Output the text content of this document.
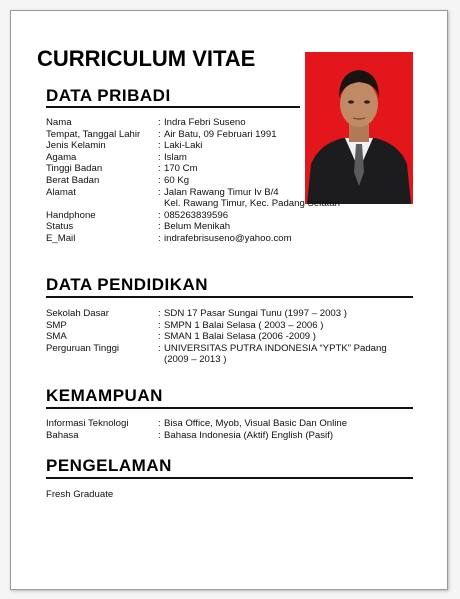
CURRICULUM VITAE
DATA PRIBADI
Nama	: Indra Febri Suseno
Tempat, Tanggal Lahir	: Air Batu, 09 Februari 1991
Jenis Kelamin	: Laki-Laki
Agama	: Islam
Tinggi Badan	: 170 Cm
Berat Badan	: 60 Kg
Alamat	: Jalan Rawang Timur Iv B/4
Kel. Rawang Timur, Kec. Padang Selatan
Handphone	: 085263839596
Status	: Belum Menikah
E_Mail	: indrafebrisuseno@yahoo.com
DATA PENDIDIKAN
Sekolah Dasar	: SDN 17 Pasar Sungai Tunu (1997 – 2003 )
SMP	: SMPN 1 Balai Selasa ( 2003 – 2006 )
SMA	: SMAN 1 Balai Selasa (2006 -2009 )
Perguruan Tinggi	: UNIVERSITAS PUTRA INDONESIA “YPTK” Padang
(2009 – 2013 )
KEMAMPUAN
Informasi Teknologi	: Bisa Office, Myob, Visual Basic Dan Online
Bahasa	: Bahasa Indonesia (Aktif) English (Pasif)
PENGELAMAN

Fresh Graduate
